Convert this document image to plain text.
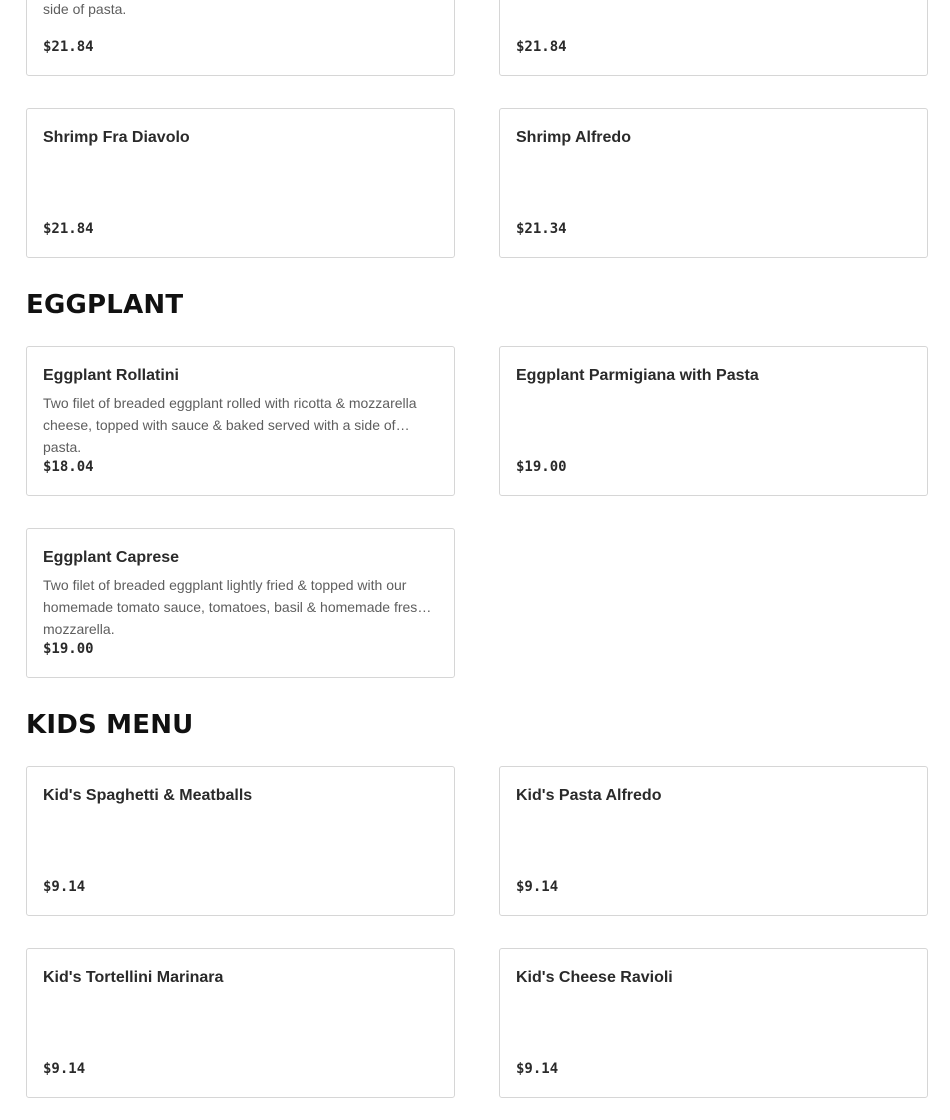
side of pasta.
$21.84	$21.84
Shrimp Fra Diavolo
$21.84
Shrimp Alfredo
$21.34
EGGPLANT
Eggplant Rollatini
Two filet of breaded eggplant rolled with ricotta & mozzarella cheese, topped with sauce & baked served with a side of pasta.
$18.04
Eggplant Parmigiana with Pasta
$19.00
Eggplant Caprese
Two filet of breaded eggplant lightly fried & topped with our homemade tomato sauce, tomatoes, basil & homemade fresh mozzarella.
$19.00
KIDS MENU
Kid's Spaghetti & Meatballs
$9.14
Kid's Pasta Alfredo
$9.14
Kid's Tortellini Marinara
$9.14
Kid's Cheese Ravioli
$9.14
